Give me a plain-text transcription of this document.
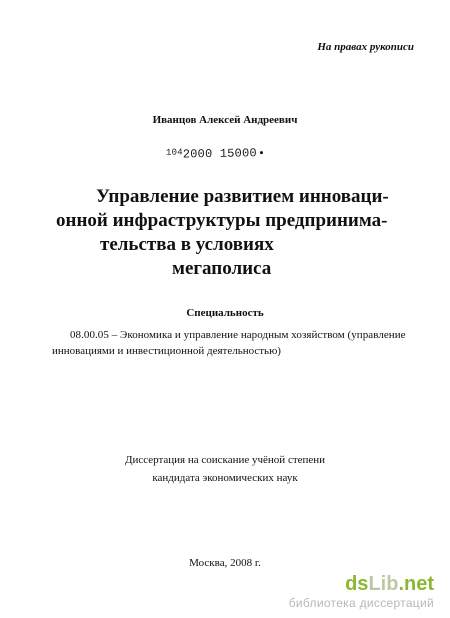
На правах рукописи
Иванцов Алексей Андреевич
$^{104}$2000 15000
Управление развитием инноваци-
онной инфраструктуры предпринима-
тельства в условиях
мегаполиса
Специальность
08.00.05 – Экономика и управление народным хозяйством (управление
инновациями и инвестиционной деятельностью)
Диссертация на соискание учёной степени
кандидата экономических наук
Москва, 2008 г.
dsLib.net
библиотека диссертаций
